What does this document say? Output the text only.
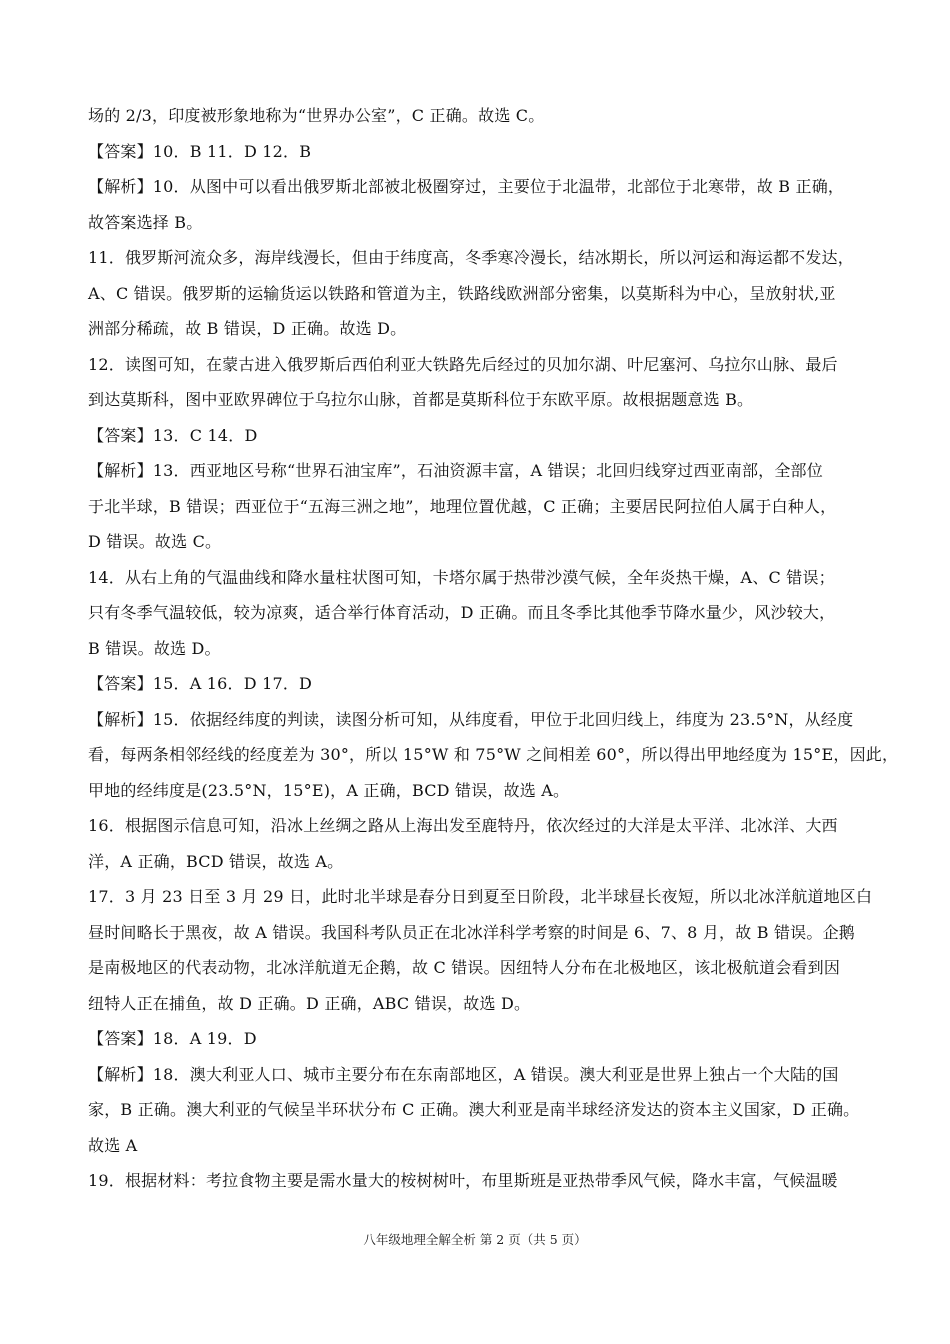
场的 2/3，印度被形象地称为“世界办公室”，C 正确。故选 C。
【答案】10．B 11．D 12．B
【解析】10．从图中可以看出俄罗斯北部被北极圈穿过，主要位于北温带，北部位于北寒带，故 B 正确，
故答案选择 B。
11．俄罗斯河流众多，海岸线漫长，但由于纬度高，冬季寒冷漫长，结冰期长，所以河运和海运都不发达，
A、C 错误。俄罗斯的运输货运以铁路和管道为主，铁路线欧洲部分密集，以莫斯科为中心，呈放射状,亚
洲部分稀疏，故 B 错误，D 正确。故选 D。
12．读图可知，在蒙古进入俄罗斯后西伯利亚大铁路先后经过的贝加尔湖、叶尼塞河、乌拉尔山脉、最后
到达莫斯科，图中亚欧界碑位于乌拉尔山脉，首都是莫斯科位于东欧平原。故根据题意选 B。
【答案】13．C 14．D
【解析】13．西亚地区号称“世界石油宝库”，石油资源丰富，A 错误；北回归线穿过西亚南部，全部位
于北半球，B 错误；西亚位于“五海三洲之地”，地理位置优越，C 正确；主要居民阿拉伯人属于白种人，
D 错误。故选 C。
14．从右上角的气温曲线和降水量柱状图可知，卡塔尔属于热带沙漠气候，全年炎热干燥，A、C 错误；
只有冬季气温较低，较为凉爽，适合举行体育活动，D 正确。而且冬季比其他季节降水量少，风沙较大，
B 错误。故选 D。
【答案】15．A 16．D 17．D
【解析】15．依据经纬度的判读，读图分析可知，从纬度看，甲位于北回归线上，纬度为 23.5°N，从经度
看，每两条相邻经线的经度差为 30°，所以 15°W 和 75°W 之间相差 60°，所以得出甲地经度为 15°E，因此，
甲地的经纬度是(23.5°N，15°E)，A 正确，BCD 错误，故选 A。
16．根据图示信息可知，沿冰上丝绸之路从上海出发至鹿特丹，依次经过的大洋是太平洋、北冰洋、大西
洋，A 正确，BCD 错误，故选 A。
17．3 月 23 日至 3 月 29 日，此时北半球是春分日到夏至日阶段，北半球昼长夜短，所以北冰洋航道地区白
昼时间略长于黑夜，故 A 错误。我国科考队员正在北冰洋科学考察的时间是 6、7、8 月，故 B 错误。企鹅
是南极地区的代表动物，北冰洋航道无企鹅，故 C 错误。因纽特人分布在北极地区，该北极航道会看到因
纽特人正在捕鱼，故 D 正确。D 正确，ABC 错误，故选 D。
【答案】18．A 19．D
【解析】18．澳大利亚人口、城市主要分布在东南部地区，A 错误。澳大利亚是世界上独占一个大陆的国
家，B 正确。澳大利亚的气候呈半环状分布 C 正确。澳大利亚是南半球经济发达的资本主义国家，D 正确。
故选 A
19．根据材料：考拉食物主要是需水量大的桉树树叶，布里斯班是亚热带季风气候，降水丰富，气候温暖
八年级地理全解全析 第 2 页（共 5 页）
